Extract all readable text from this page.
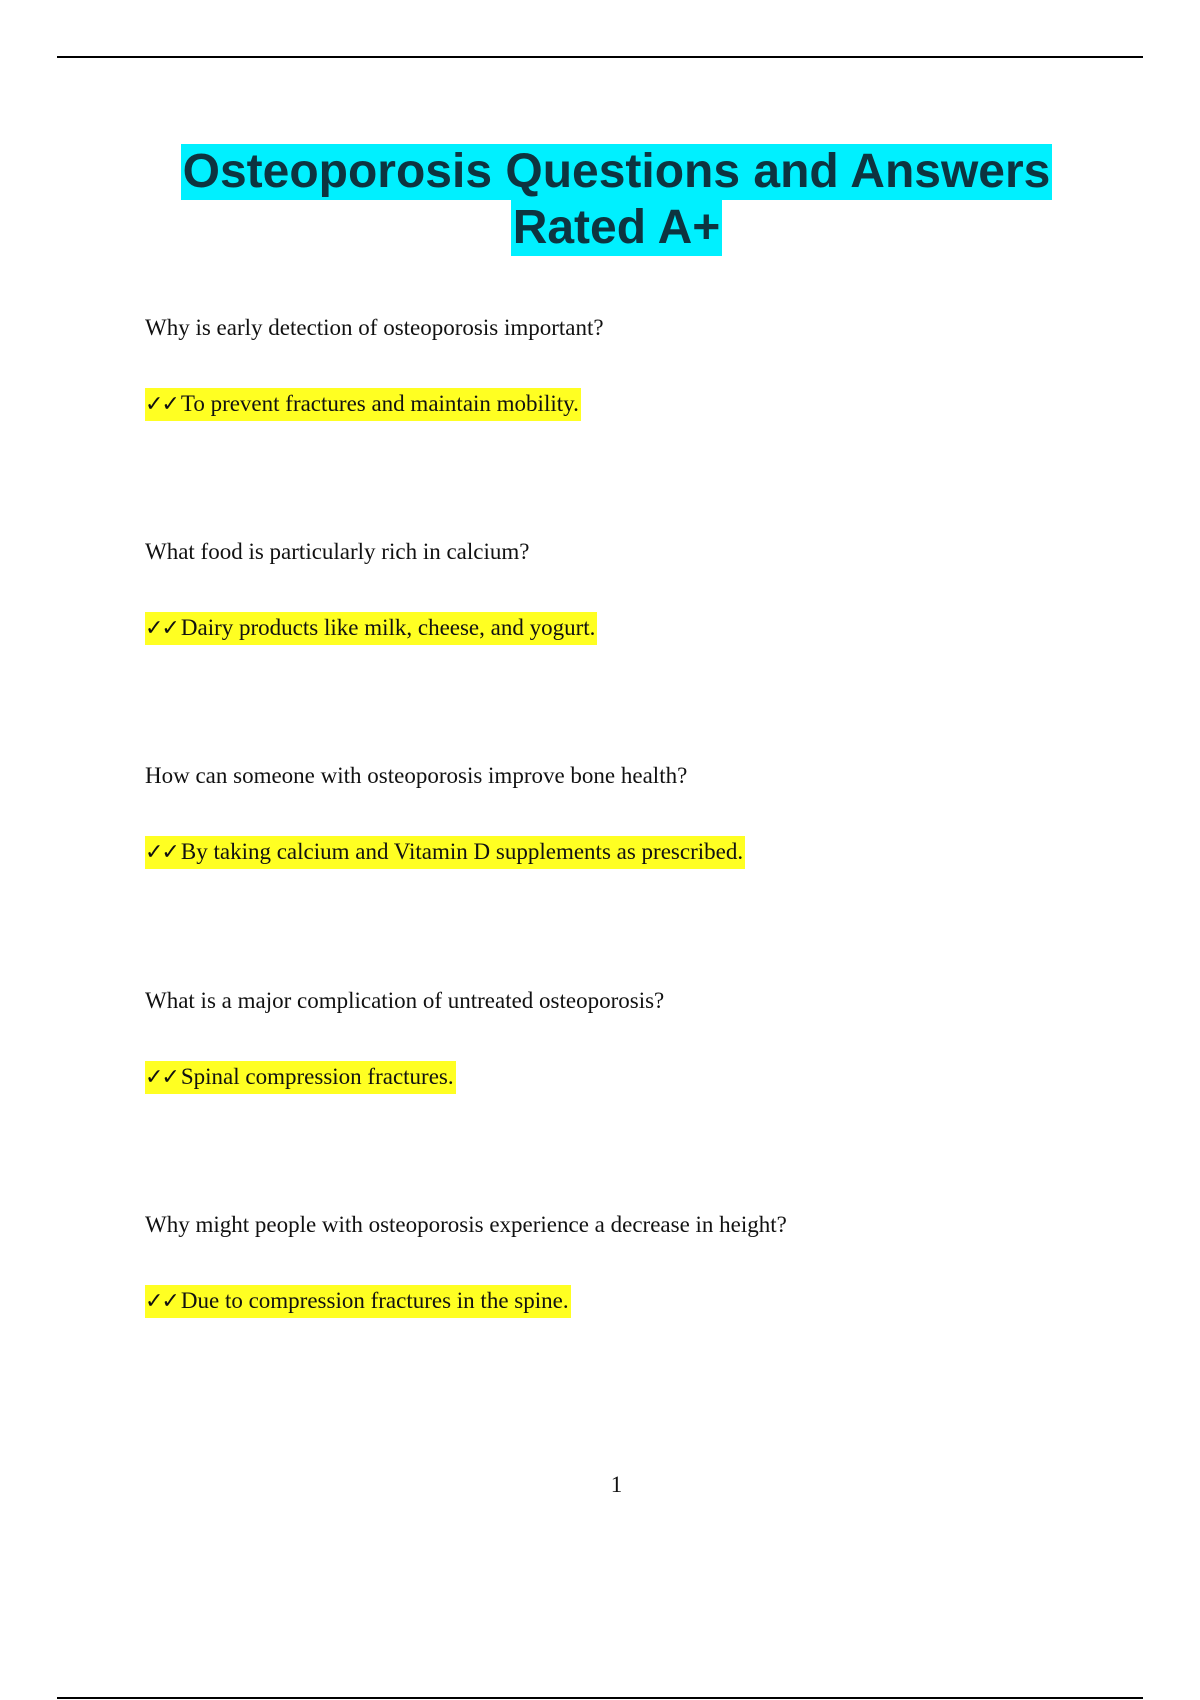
Osteoporosis Questions and Answers
Rated A+
Why is early detection of osteoporosis important?
✓✓ To prevent fractures and maintain mobility.
What food is particularly rich in calcium?
✓✓ Dairy products like milk, cheese, and yogurt.
How can someone with osteoporosis improve bone health?
✓✓ By taking calcium and Vitamin D supplements as prescribed.
What is a major complication of untreated osteoporosis?
✓✓ Spinal compression fractures.
Why might people with osteoporosis experience a decrease in height?
✓✓ Due to compression fractures in the spine.
1
